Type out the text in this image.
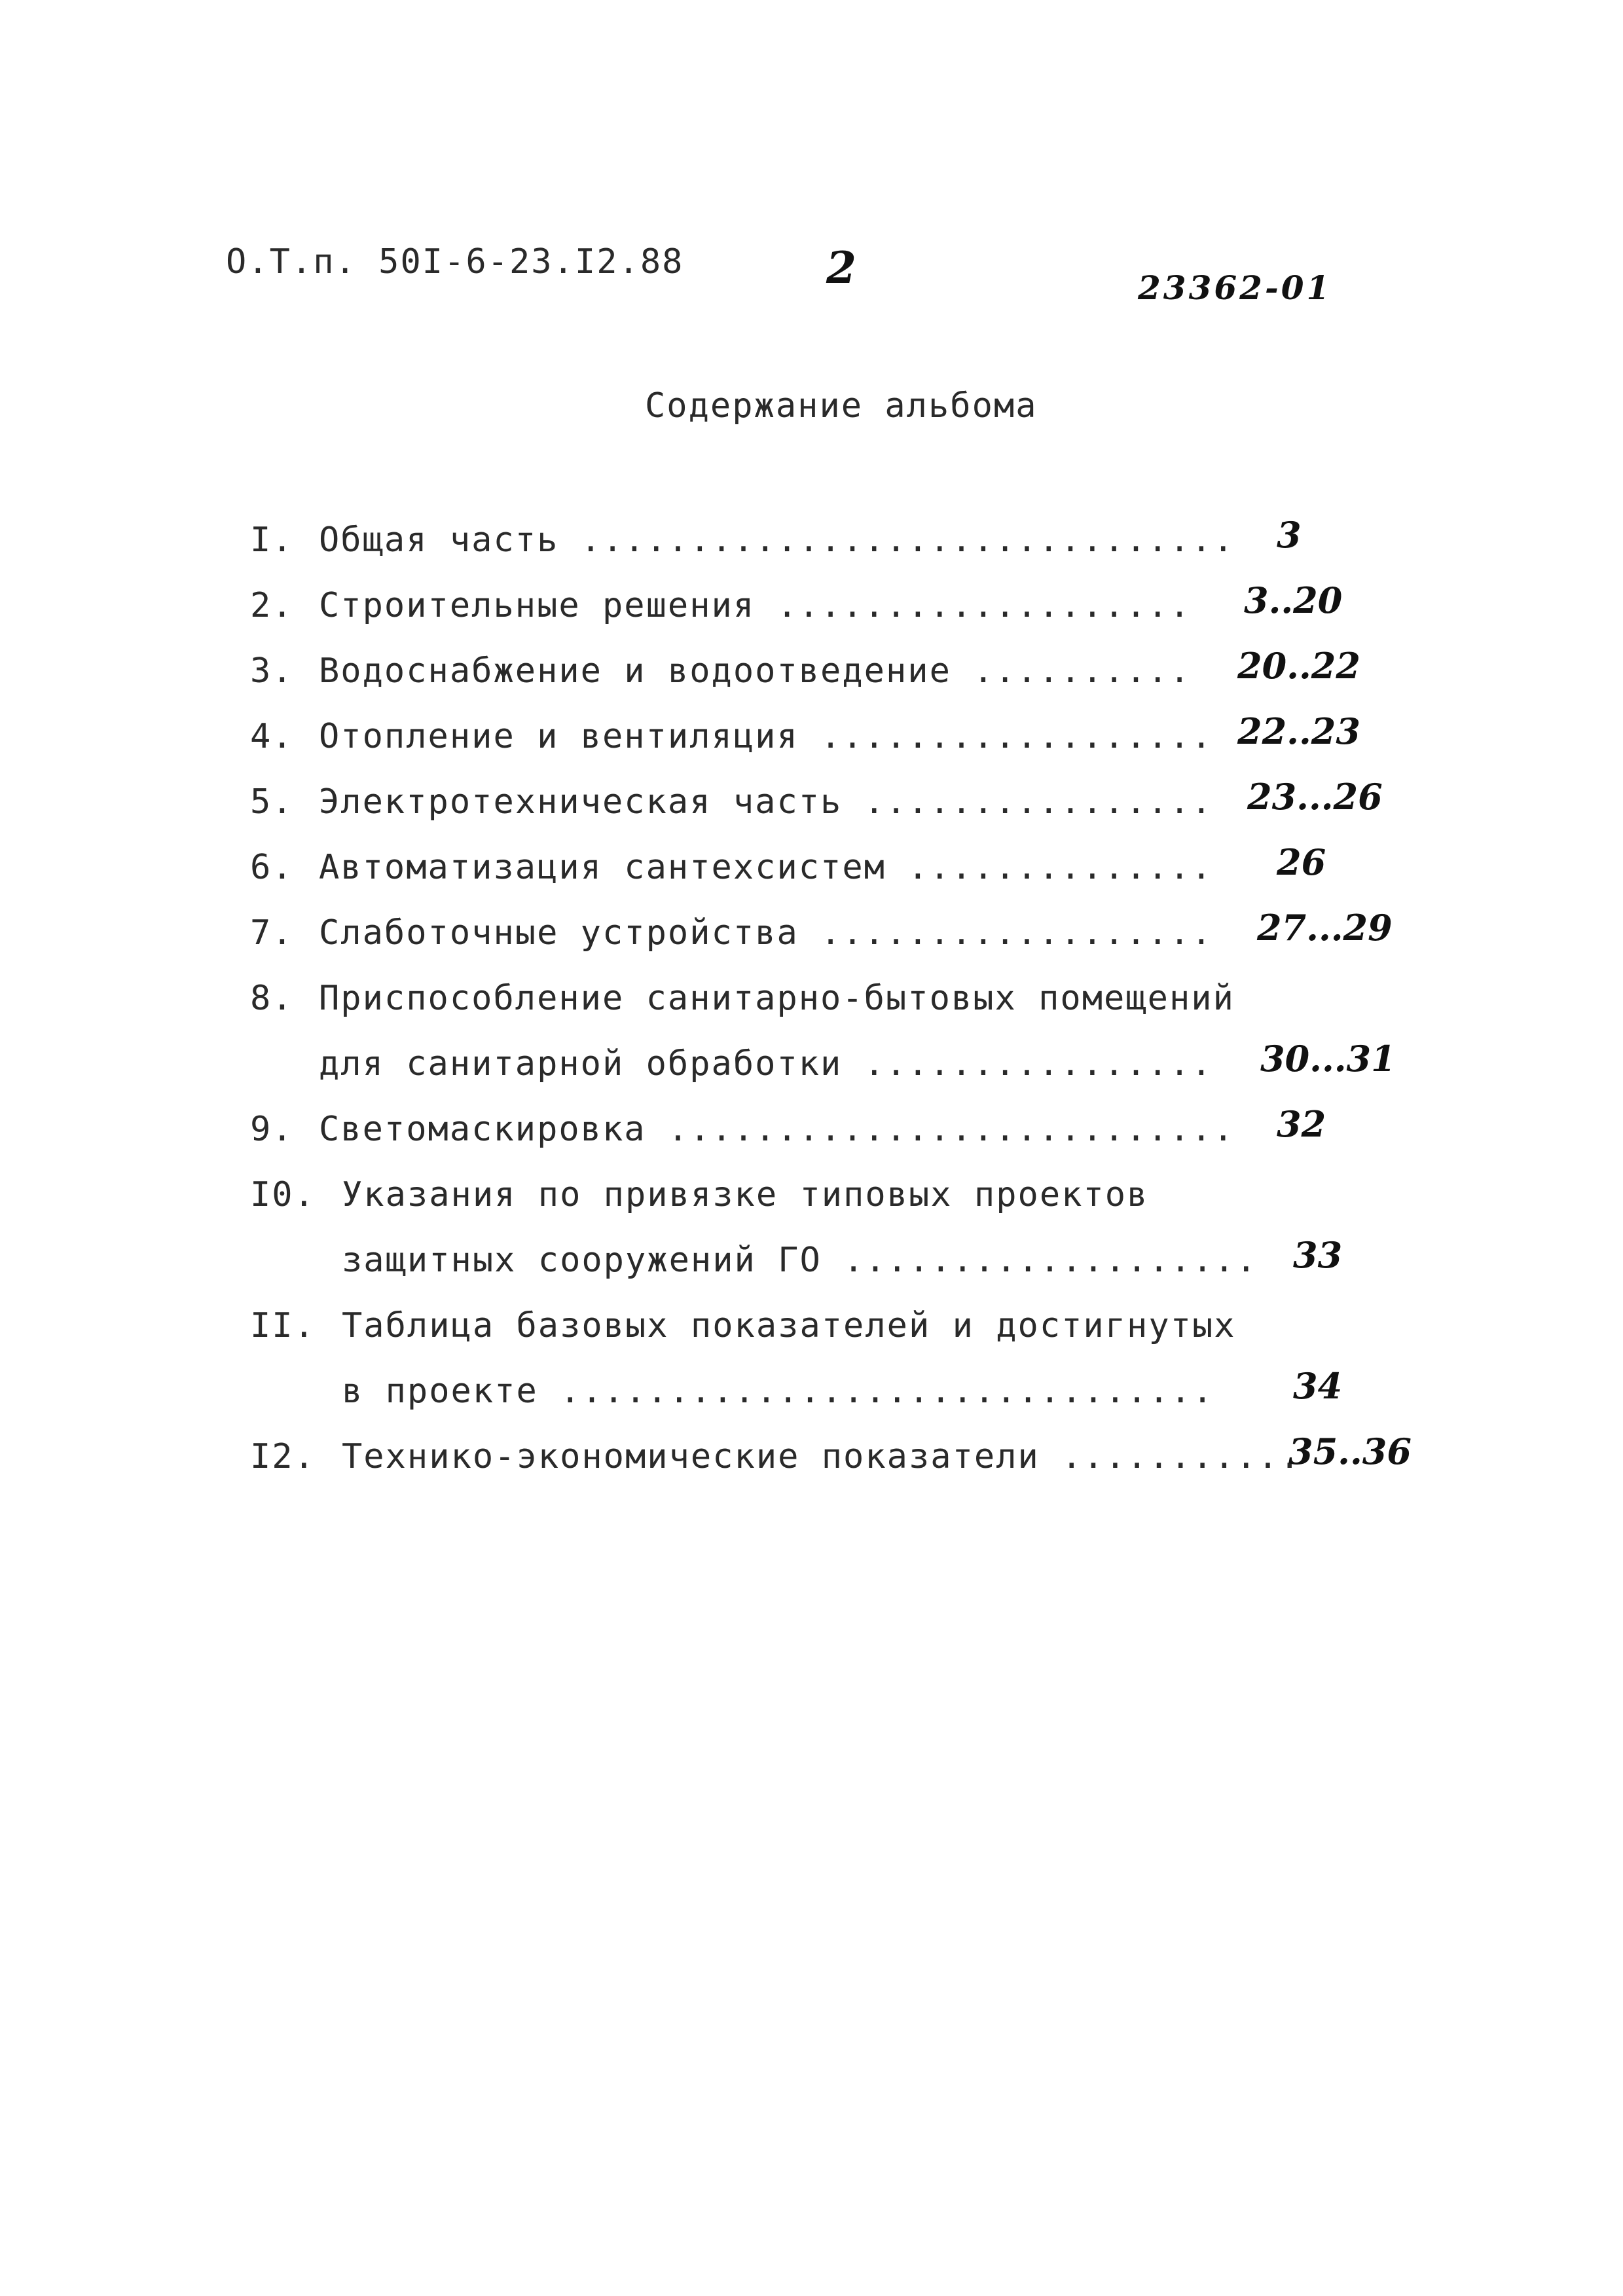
О.Т.п. 50I-6-23.I2.88	2	23362-01
Содержание альбома
I. Общая часть .............................. 3
2. Строительные решения ................... 3..20
3. Водоснабжение и водоотведение .......... 20..22
4. Отопление и вентиляция .................. 22..23
5. Электротехническая часть ................ 23...26
6. Автоматизация сантехсистем .............. 26
7. Слаботочные устройства .................. 27...29
8. Приспособление санитарно-бытовых помещений
для санитарной обработки ................ 30...31
9. Светомаскировка .......................... 32
I0. Указания по привязке типовых проектов
защитных сооружений ГО ................... 33
II. Таблица базовых показателей и достигнутых
в проекте .............................. 34
I2. Технико-экономические показатели ...........
35..36
